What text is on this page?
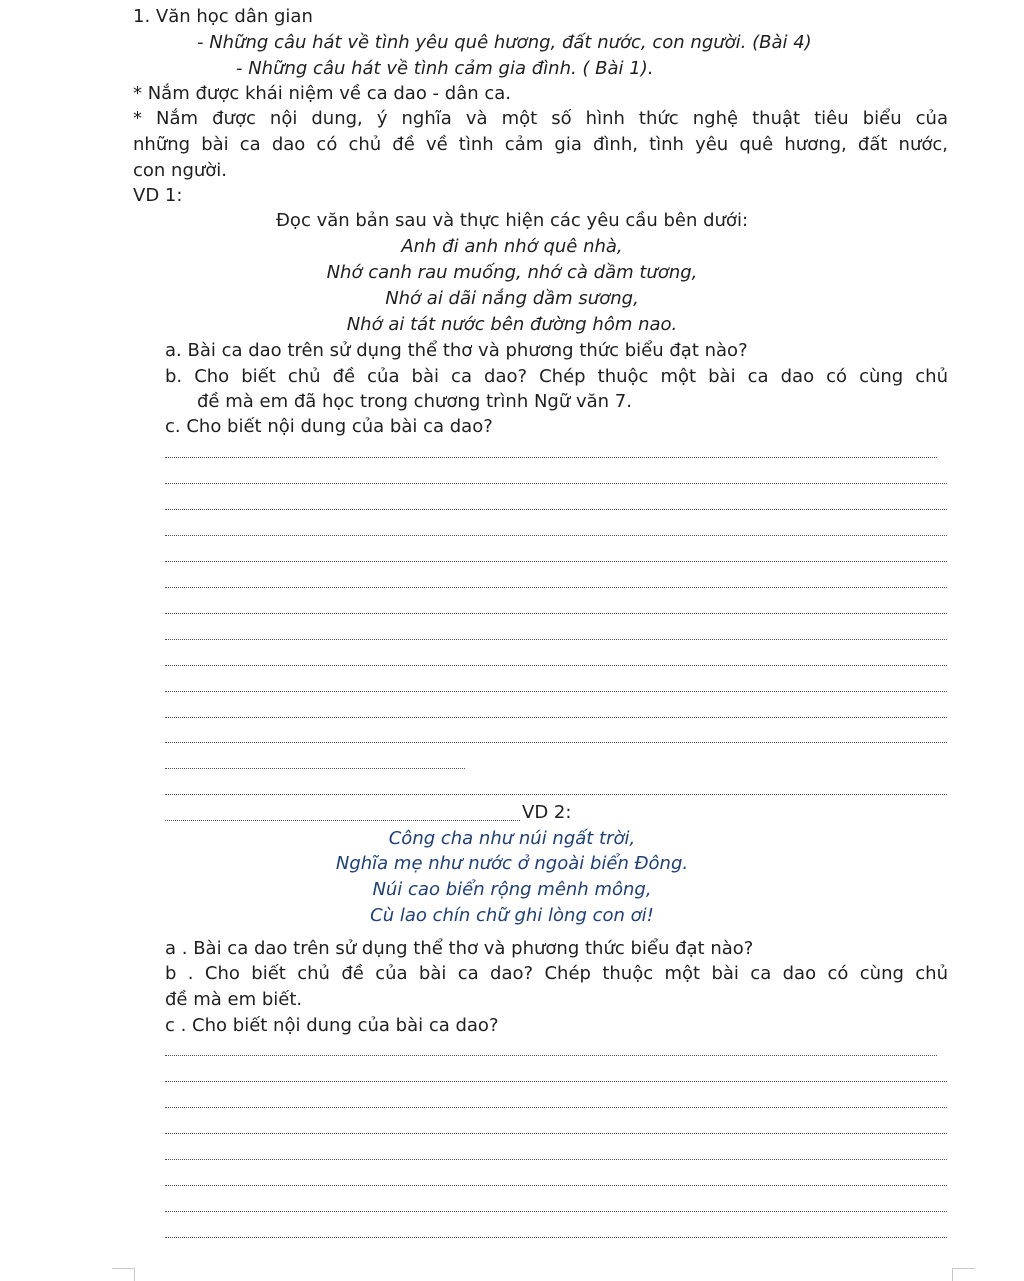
1. Văn học dân gian
- Những câu hát về tình yêu quê hương, đất nước, con người. (Bài 4)
- Những câu hát về tình cảm gia đình. ( Bài 1).
* Nắm được khái niệm về ca dao - dân ca.
* Nắm được nội dung, ý nghĩa và một số hình thức nghệ thuật tiêu biểu của
những bài ca dao có chủ đề về tình cảm gia đình, tình yêu quê hương, đất nước,
con người.
VD 1:
Đọc văn bản sau và thực hiện các yêu cầu bên dưới:
Anh đi anh nhớ quê nhà,
Nhớ canh rau muống, nhớ cà dầm tương,
Nhớ ai dãi nắng dầm sương,
Nhớ ai tát nước bên đường hôm nao.
a. Bài ca dao trên sử dụng thể thơ và phương thức biểu đạt nào?
b. Cho biết chủ đề của bài ca dao? Chép thuộc một bài ca dao có cùng chủ
đề mà em đã học trong chương trình Ngữ văn 7.
c. Cho biết nội dung của bài ca dao?
VD 2:
Công cha như núi ngất trời,
Nghĩa mẹ như nước ở ngoài biển Đông.
Núi cao biển rộng mênh mông,
Cù lao chín chữ ghi lòng con ơi!
a . Bài ca dao trên sử dụng thể thơ và phương thức biểu đạt nào?
b . Cho biết chủ đề của bài ca dao? Chép thuộc một bài ca dao có cùng chủ
đề mà em biết.
c . Cho biết nội dung của bài ca dao?
